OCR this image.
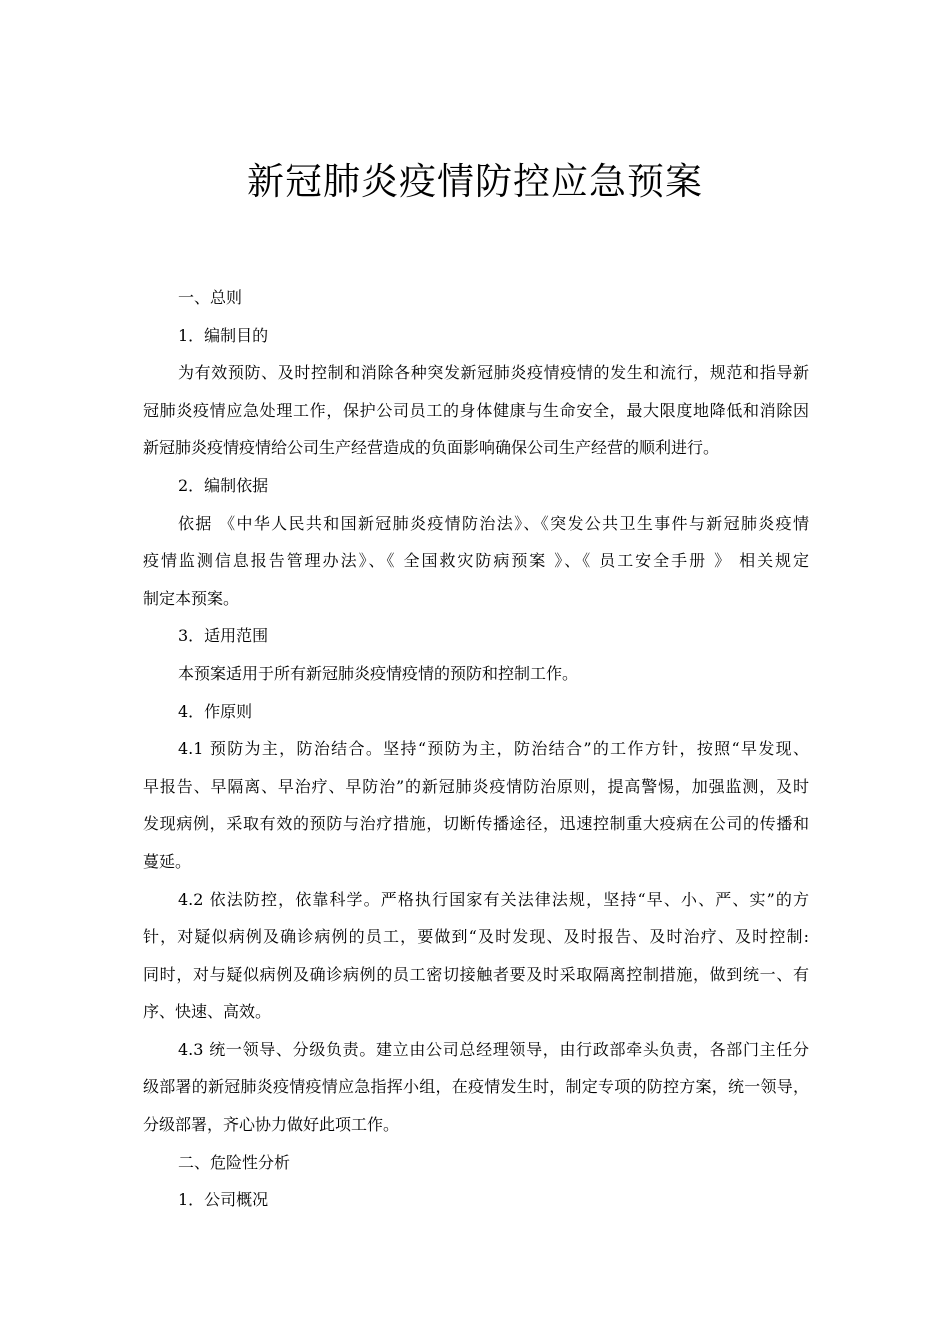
新冠肺炎疫情防控应急预案

一、总则

1．编制目的

为有效预防、及时控制和消除各种突发新冠肺炎疫情疫情的发生和流行，规范和指导新

冠肺炎疫情应急处理工作，保护公司员工的身体健康与生命安全，最大限度地降低和消除因

新冠肺炎疫情疫情给公司生产经营造成的负面影响确保公司生产经营的顺利进行。

2．编制依据

依据 《中华人民共和国新冠肺炎疫情防治法》、《突发公共卫生事件与新冠肺炎疫情

疫情监测信息报告管理办法》、《 全国救灾防病预案 》、《 员工安全手册 》 相关规定

制定本预案。

3．适用范围

本预案适用于所有新冠肺炎疫情疫情的预防和控制工作。

4．作原则

4.1 预防为主，防治结合。坚持“预防为主，防治结合”的工作方针，按照“早发现、

早报告、早隔离、早治疗、早防治”的新冠肺炎疫情防治原则，提高警惕，加强监测，及时

发现病例，采取有效的预防与治疗措施，切断传播途径，迅速控制重大疫病在公司的传播和

蔓延。

4.2 依法防控，依靠科学。严格执行国家有关法律法规，坚持“早、小、严、实”的方

针，对疑似病例及确诊病例的员工，要做到“及时发现、及时报告、及时治疗、及时控制:

同时，对与疑似病例及确诊病例的员工密切接触者要及时采取隔离控制措施，做到统一、有

序、快速、高效。

4.3 统一领导、分级负责。建立由公司总经理领导，由行政部牵头负责，各部门主任分

级部署的新冠肺炎疫情疫情应急指挥小组，在疫情发生时，制定专项的防控方案，统一领导，

分级部署，齐心协力做好此项工作。

二、危险性分析

1．公司概况
